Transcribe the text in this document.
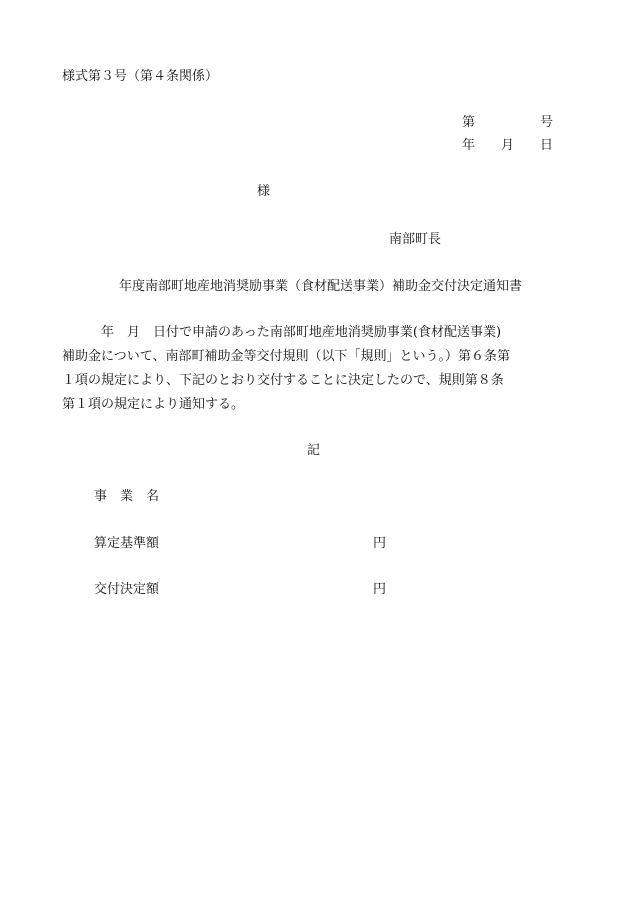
様式第３号（第４条関係）
第　　　　　号
年　　月　　日
様
南部町長
　年度南部町地産地消奨励事業（食材配送事業）補助金交付決定通知書
　　　年　月　日付で申請のあった南部町地産地消奨励事業(食材配送事業)
補助金について、南部町補助金等交付規則（以下「規則」という。）第６条第
１項の規定により、下記のとおり交付することに決定したので、規則第８条
第１項の規定により通知する。
記
事　業　名
算定基準額	円
交付決定額	円
